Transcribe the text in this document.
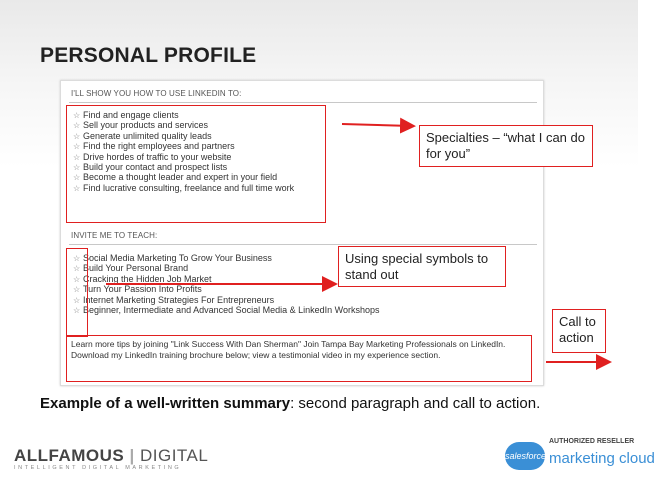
PERSONAL PROFILE
I'LL SHOW YOU HOW TO USE LINKEDIN TO:
☆ Find and engage clients
☆ Sell your products and services
☆ Generate unlimited quality leads
☆ Find the right employees and partners
☆ Drive hordes of traffic to your website
☆ Build your contact and prospect lists
☆ Become a thought leader and expert in your field
☆ Find lucrative consulting, freelance and full time work
INVITE ME TO TEACH:
☆ Social Media Marketing To Grow Your Business
☆ Build Your Personal Brand
☆ Cracking the Hidden Job Market
☆ Turn Your Passion Into Profits
☆ Internet Marketing Strategies For Entrepreneurs
☆ Beginner, Intermediate and Advanced Social Media & LinkedIn Workshops
Learn more tips by joining "Link Success With Dan Sherman" Join Tampa Bay Marketing Professionals on LinkedIn. Download my LinkedIn training brochure below; view a testimonial video in my experience section.
Specialties – “what I can do for you”
Using special symbols to stand out
Call to action
Example of a well-written summary: second paragraph and call to action.
ALLFAMOUS | DIGITAL
INTELLIGENT DIGITAL MARKETING
salesforce
AUTHORIZED RESELLER
marketing cloud
